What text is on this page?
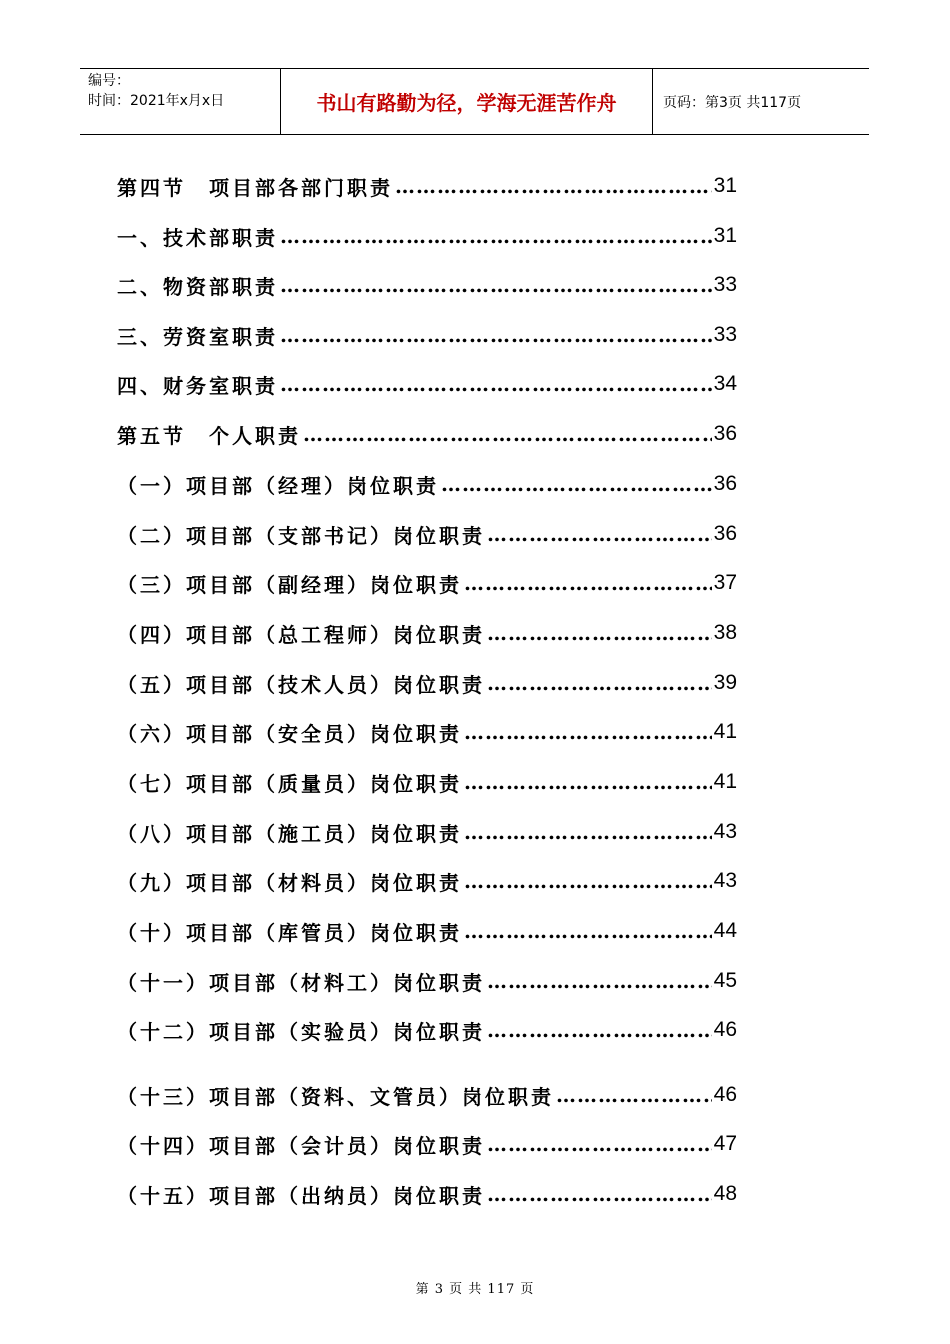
编号：
时间：2021年x月x日	书山有路勤为径，学海无涯苦作舟	页码：第3页 共117页
第四节　项目部各部门职责 ……………………………………………………………………………………………………	31
一、技术部职责 ……………………………………………………………………………………………………	31
二、物资部职责 ……………………………………………………………………………………………………	33
三、劳资室职责 ……………………………………………………………………………………………………	33
四、财务室职责 ……………………………………………………………………………………………………	34
第五节　个人职责 ……………………………………………………………………………………………………	36
（一）项目部（经理）岗位职责 ……………………………………………………………………………………………………	36
（二）项目部（支部书记）岗位职责 ……………………………………………………………………………………………………	36
（三）项目部（副经理）岗位职责 ……………………………………………………………………………………………………	37
（四）项目部（总工程师）岗位职责 ……………………………………………………………………………………………………	38
（五）项目部（技术人员）岗位职责 ……………………………………………………………………………………………………	39
（六）项目部（安全员）岗位职责 ……………………………………………………………………………………………………	41
（七）项目部（质量员）岗位职责 ……………………………………………………………………………………………………	41
（八）项目部（施工员）岗位职责 ……………………………………………………………………………………………………	43
（九）项目部（材料员）岗位职责 ……………………………………………………………………………………………………	43
（十）项目部（库管员）岗位职责 ……………………………………………………………………………………………………	44
（十一）项目部（材料工）岗位职责 ……………………………………………………………………………………………………	45
（十二）项目部（实验员）岗位职责 ……………………………………………………………………………………………………	46
（十三）项目部（资料、文管员）岗位职责 ……………………………………………………………………………………………………	46
（十四）项目部（会计员）岗位职责 ……………………………………………………………………………………………………	47
（十五）项目部（出纳员）岗位职责 ……………………………………………………………………………………………………	48
第 3 页 共 117 页
